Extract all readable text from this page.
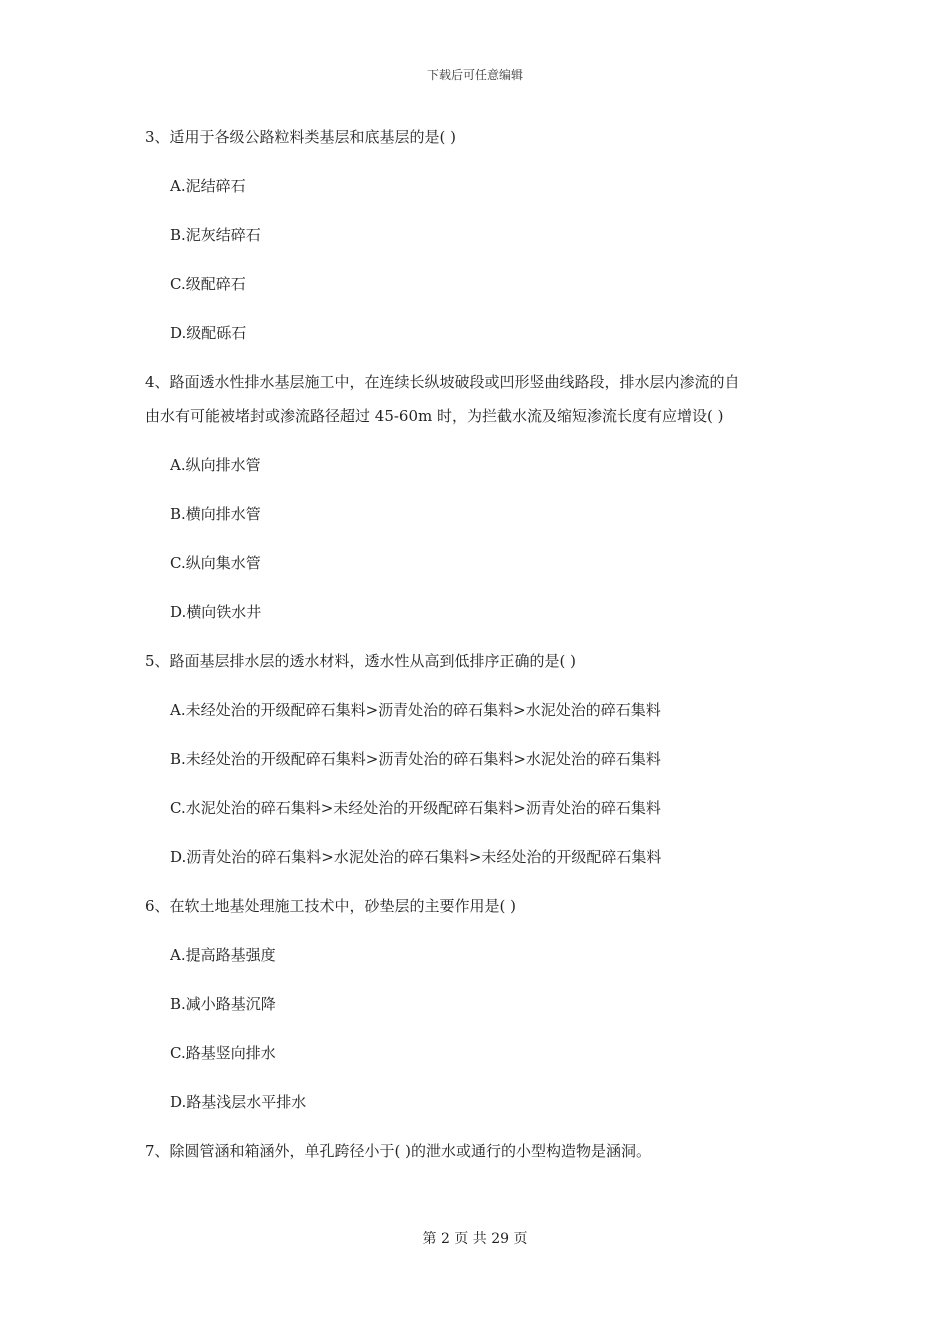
下载后可任意编辑

3、适用于各级公路粒料类基层和底基层的是( )

A.泥结碎石

B.泥灰结碎石

C.级配碎石

D.级配砾石

4、路面透水性排水基层施工中，在连续长纵坡破段或凹形竖曲线路段，排水层内渗流的自

由水有可能被堵封或渗流路径超过 45-60m 时，为拦截水流及缩短渗流长度有应增设( )

A.纵向排水管

B.横向排水管

C.纵向集水管

D.横向铁水井

5、路面基层排水层的透水材料，透水性从高到低排序正确的是( )

A.未经处治的开级配碎石集料>沥青处治的碎石集料>水泥处治的碎石集料

B.未经处治的开级配碎石集料>沥青处治的碎石集料>水泥处治的碎石集料

C.水泥处治的碎石集料>未经处治的开级配碎石集料>沥青处治的碎石集料

D.沥青处治的碎石集料>水泥处治的碎石集料>未经处治的开级配碎石集料

6、在软土地基处理施工技术中，砂垫层的主要作用是( )

A.提高路基强度

B.减小路基沉降

C.路基竖向排水

D.路基浅层水平排水

7、除圆管涵和箱涵外，单孔跨径小于( )的泄水或通行的小型构造物是涵洞。

第 2 页 共 29 页
